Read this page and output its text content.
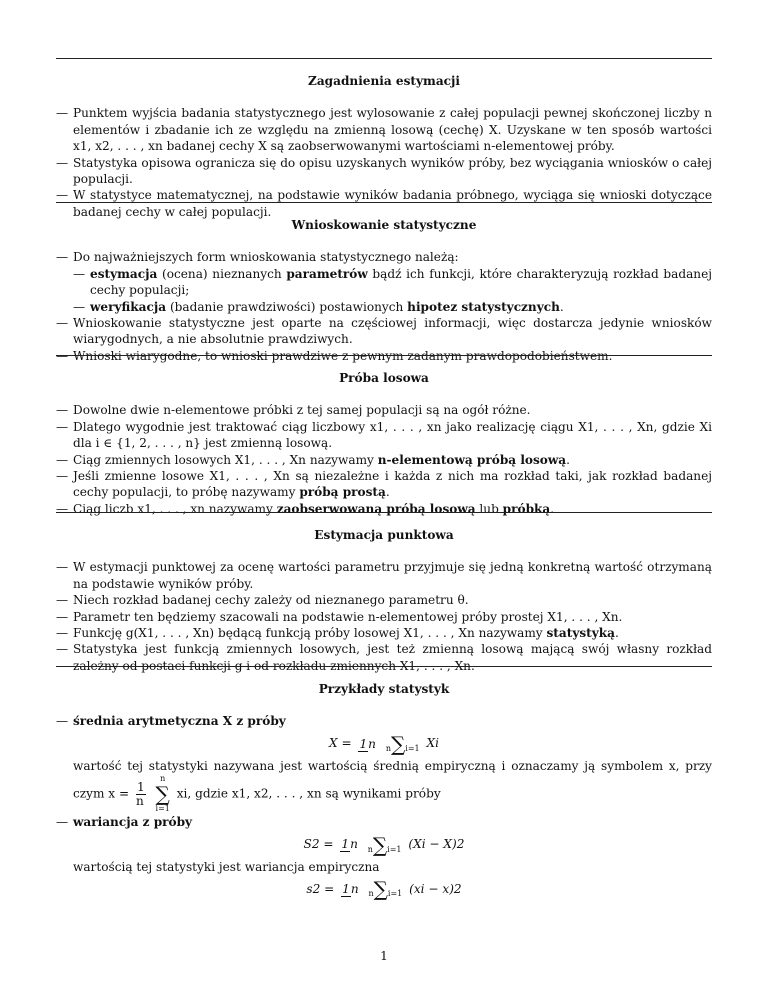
Zagadnienia estymacji
— Punktem wyjścia badania statystycznego jest wylosowanie z całej populacji pewnej skończonej liczby n elementów i zbadanie ich ze względu na zmienną losową (cechę) X. Uzyskane w ten sposób wartości x1, x2, . . . , xn badanej cechy X są zaobserwowanymi wartościami n-elementowej próby.
— Statystyka opisowa ogranicza się do opisu uzyskanych wyników próby, bez wyciągania wniosków o całej populacji.
— W statystyce matematycznej, na podstawie wyników badania próbnego, wyciąga się wnioski dotyczące badanej cechy w całej populacji.
Wnioskowanie statystyczne
— Do najważniejszych form wnioskowania statystycznego należą:
— estymacja (ocena) nieznanych parametrów bądź ich funkcji, które charakteryzują rozkład badanej cechy populacji;
— weryfikacja (badanie prawdziwości) postawionych hipotez statystycznych.
— Wnioskowanie statystyczne jest oparte na częściowej informacji, więc dostarcza jedynie wniosków wiarygodnych, a nie absolutnie prawdziwych.
— Wnioski wiarygodne, to wnioski prawdziwe z pewnym zadanym prawdopodobieństwem.
Próba losowa
— Dowolne dwie n-elementowe próbki z tej samej populacji są na ogół różne.
— Dlatego wygodnie jest traktować ciąg liczbowy x1, . . . , xn jako realizację ciągu X1, . . . , Xn, gdzie Xi dla i ∈ {1, 2, . . . , n} jest zmienną losową.
— Ciąg zmiennych losowych X1, . . . , Xn nazywamy n-elementową próbą losową.
— Jeśli zmienne losowe X1, . . . , Xn są niezależne i każda z nich ma rozkład taki, jak rozkład badanej cechy populacji, to próbę nazywamy próbą prostą.
— Ciąg liczb x1, . . . , xn nazywamy zaobserwowaną próbą losową lub próbką.
Estymacja punktowa
— W estymacji punktowej za ocenę wartości parametru przyjmuje się jedną konkretną wartość otrzymaną na podstawie wyników próby.
— Niech rozkład badanej cechy zależy od nieznanego parametru θ.
— Parametr ten będziemy szacowali na podstawie n-elementowej próby prostej X1, . . . , Xn.
— Funkcję g(X1, . . . , Xn) będącą funkcją próby losowej X1, . . . , Xn nazywamy statystyką.
— Statystyka jest funkcją zmiennych losowych, jest też zmienną losową mającą swój własny rozkład zależny od postaci funkcji g i od rozkładu zmiennych X1, . . . , Xn.
Przykłady statystyk
— średnia arytmetyczna X z próby
X = 1n n∑i=1 Xi
wartość tej statystyki nazywana jest wartością średnią empiryczną i oznaczamy ją symbolem x, przy czym $x = \frac{1}{n}$

n
∑
i=1
xi, gdzie x1, x2, . . . , xn są wynikami próby
— wariancja z próby
S2 = 1n n∑i=1 (Xi − X)2
wartością tej statystyki jest wariancja empiryczna
s2 = 1n n∑i=1 (xi − x)2
1
